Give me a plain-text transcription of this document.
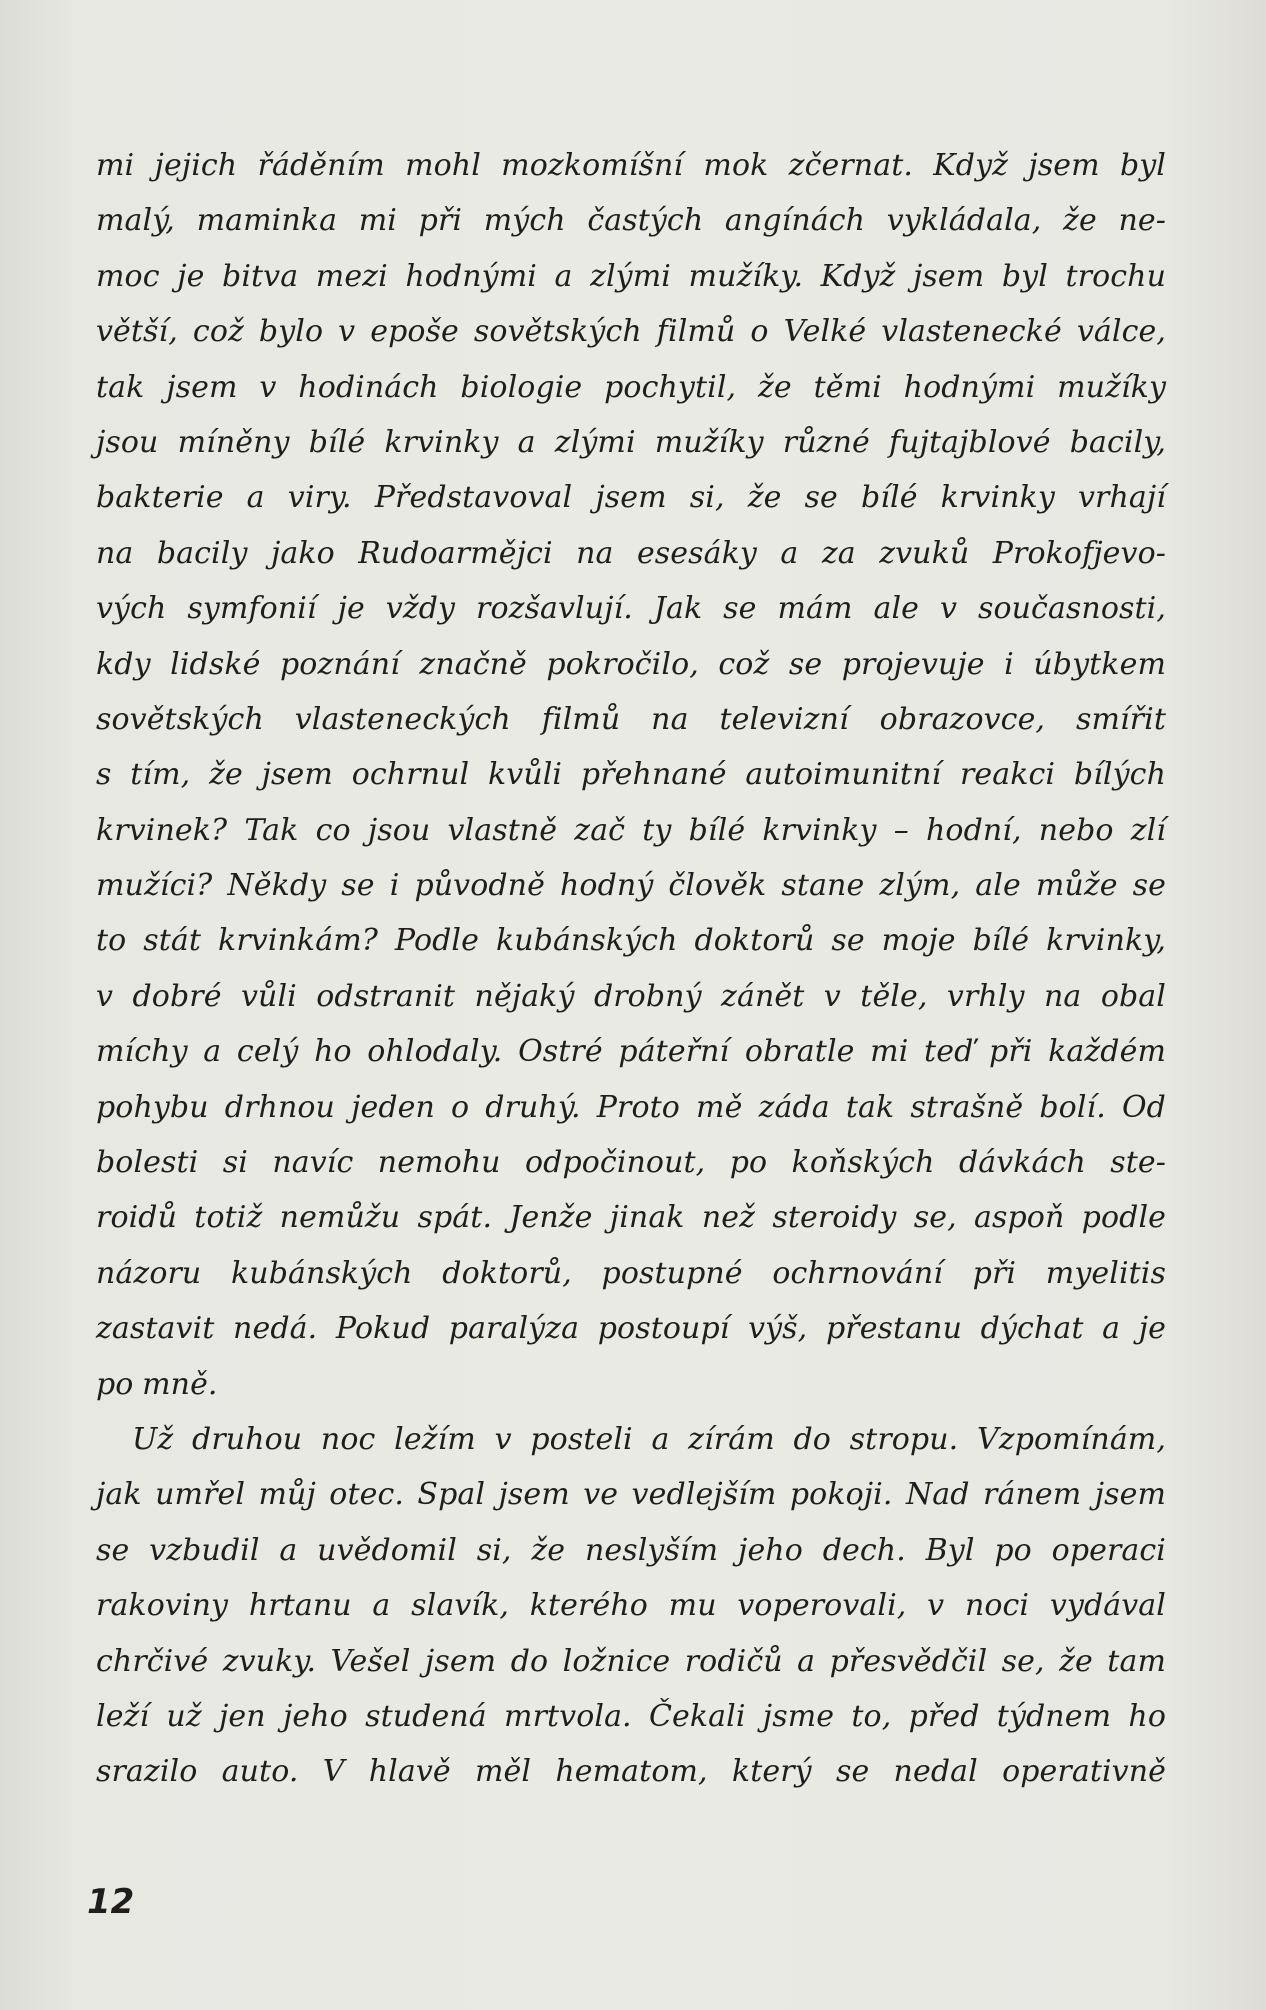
mi jejich řáděním mohl mozkomíšní mok zčernat. Když jsem byl
malý, maminka mi při mých častých angínách vykládala, že ne-
moc je bitva mezi hodnými a zlými mužíky. Když jsem byl trochu
větší, což bylo v epoše sovětských filmů o Velké vlastenecké válce,
tak jsem v hodinách biologie pochytil, že těmi hodnými mužíky
jsou míněny bílé krvinky a zlými mužíky různé fujtajblové bacily,
bakterie a viry. Představoval jsem si, že se bílé krvinky vrhají
na bacily jako Rudoarmějci na esesáky a za zvuků Prokofjevo-
vých symfonií je vždy rozšavlují. Jak se mám ale v současnosti,
kdy lidské poznání značně pokročilo, což se projevuje i úbytkem
sovětských vlasteneckých filmů na televizní obrazovce, smířit
s tím, že jsem ochrnul kvůli přehnané autoimunitní reakci bílých
krvinek? Tak co jsou vlastně zač ty bílé krvinky – hodní, nebo zlí
mužíci? Někdy se i původně hodný člověk stane zlým, ale může se
to stát krvinkám? Podle kubánských doktorů se moje bílé krvinky,
v dobré vůli odstranit nějaký drobný zánět v těle, vrhly na obal
míchy a celý ho ohlodaly. Ostré páteřní obratle mi teď při každém
pohybu drhnou jeden o druhý. Proto mě záda tak strašně bolí. Od
bolesti si navíc nemohu odpočinout, po koňských dávkách ste-
roidů totiž nemůžu spát. Jenže jinak než steroidy se, aspoň podle
názoru kubánských doktorů, postupné ochrnování při myelitis
zastavit nedá. Pokud paralýza postoupí výš, přestanu dýchat a je
po mně.
Už druhou noc ležím v posteli a zírám do stropu. Vzpomínám,
jak umřel můj otec. Spal jsem ve vedlejším pokoji. Nad ránem jsem
se vzbudil a uvědomil si, že neslyším jeho dech. Byl po operaci
rakoviny hrtanu a slavík, kterého mu voperovali, v noci vydával
chrčivé zvuky. Vešel jsem do ložnice rodičů a přesvědčil se, že tam
leží už jen jeho studená mrtvola. Čekali jsme to, před týdnem ho
srazilo auto. V hlavě měl hematom, který se nedal operativně
12
